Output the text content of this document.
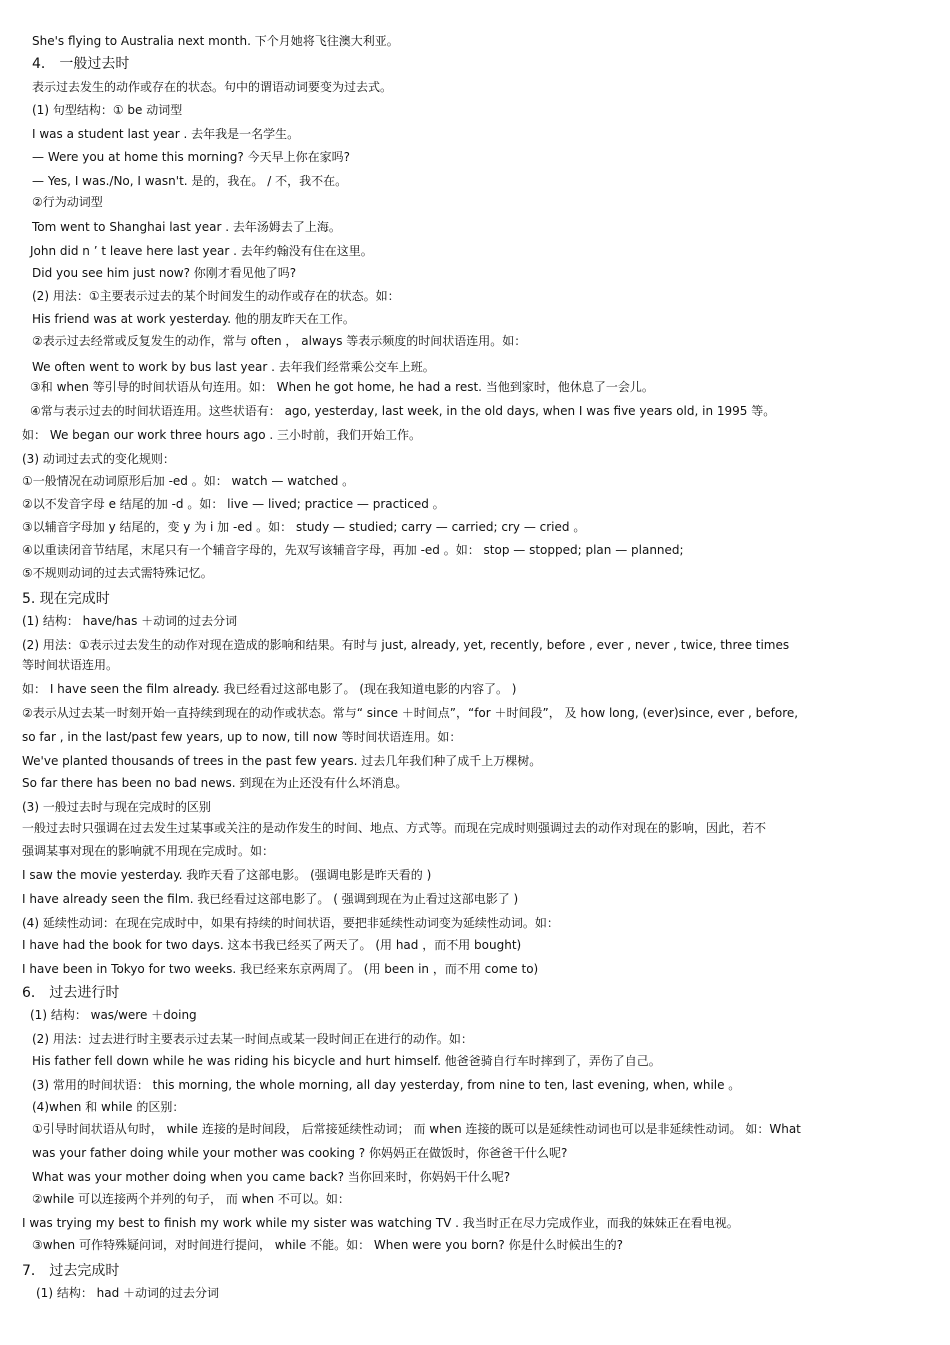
She's flying to Australia next month. 下个月她将飞往澳大利亚。
4． 一般过去时
表示过去发生的动作或存在的状态。句中的谓语动词要变为过去式。
(1) 句型结构：① be 动词型
I was a student last year . 去年我是一名学生。
— Were you at home this morning? 今天早上你在家吗?
— Yes, I was./No, I wasn't. 是的，我在。 / 不，我不在。
②行为动词型
Tom went to Shanghai last year . 去年汤姆去了上海。
John did n ’ t leave here last year . 去年约翰没有住在这里。
Did you see him just now? 你刚才看见他了吗?
(2) 用法：①主要表示过去的某个时间发生的动作或存在的状态。如：
His friend was at work yesterday. 他的朋友昨天在工作。
②表示过去经常或反复发生的动作，常与 often ， always 等表示频度的时间状语连用。如：
We often went to work by bus last year . 去年我们经常乘公交车上班。
③和 when 等引导的时间状语从句连用。如： When he got home, he had a rest. 当他到家时，他休息了一会儿。
④常与表示过去的时间状语连用。这些状语有： ago, yesterday, last week, in the old days, when I was five years old, in 1995 等。
如： We began our work three hours ago . 三小时前，我们开始工作。
(3) 动词过去式的变化规则：
①一般情况在动词原形后加 -ed 。如： watch — watched 。
②以不发音字母 e 结尾的加 -d 。如： live — lived; practice — practiced 。
③以辅音字母加 y 结尾的，变 y 为 i 加 -ed 。如： study — studied; carry — carried; cry — cried 。
④以重读闭音节结尾，末尾只有一个辅音字母的，先双写该辅音字母，再加 -ed 。如： stop — stopped; plan — planned;
⑤不规则动词的过去式需特殊记忆。
5. 现在完成时
(1) 结构： have/has ＋动词的过去分词
(2) 用法：①表示过去发生的动作对现在造成的影响和结果。有时与 just, already, yet, recently, before , ever , never , twice, three times
等时间状语连用。
如： I have seen the film already. 我已经看过这部电影了。 (现在我知道电影的内容了。 )
②表示从过去某一时刻开始一直持续到现在的动作或状态。常与“ since ＋时间点”，“for ＋时间段”， 及 how long, (ever)since, ever , before,
so far , in the last/past few years, up to now, till now 等时间状语连用。如：
We've planted thousands of trees in the past few years. 过去几年我们种了成千上万棵树。
So far there has been no bad news. 到现在为止还没有什么坏消息。
(3) 一般过去时与现在完成时的区别
一般过去时只强调在过去发生过某事或关注的是动作发生的时间、地点、方式等。而现在完成时则强调过去的动作对现在的影响，因此，若不
强调某事对现在的影响就不用现在完成时。如：
I saw the movie yesterday. 我昨天看了这部电影。 (强调电影是昨天看的 )
I have already seen the film. 我已经看过这部电影了。 ( 强调到现在为止看过这部电影了 )
(4) 延续性动词：在现在完成时中，如果有持续的时间状语，要把非延续性动词变为延续性动词。如：
I have had the book for two days. 这本书我已经买了两天了。 (用 had ，而不用 bought)
I have been in Tokyo for two weeks. 我已经来东京两周了。 (用 been in ，而不用 come to)
6． 过去进行时
(1) 结构： was/were ＋doing
(2) 用法：过去进行时主要表示过去某一时间点或某一段时间正在进行的动作。如：
His father fell down while he was riding his bicycle and hurt himself. 他爸爸骑自行车时摔到了，弄伤了自己。
(3) 常用的时间状语： this morning, the whole morning, all day yesterday, from nine to ten, last evening, when, while 。
(4)when 和 while 的区别：
①引导时间状语从句时， while 连接的是时间段， 后常接延续性动词； 而 when 连接的既可以是延续性动词也可以是非延续性动词。 如：What
was your father doing while your mother was cooking ? 你妈妈正在做饭时，你爸爸干什么呢?
What was your mother doing when you came back? 当你回来时，你妈妈干什么呢?
②while 可以连接两个并列的句子， 而 when 不可以。如：
I was trying my best to finish my work while my sister was watching TV . 我当时正在尽力完成作业，而我的妹妹正在看电视。
③when 可作特殊疑问词，对时间进行提问， while 不能。如： When were you born? 你是什么时候出生的?
7． 过去完成时
(1) 结构： had ＋动词的过去分词
